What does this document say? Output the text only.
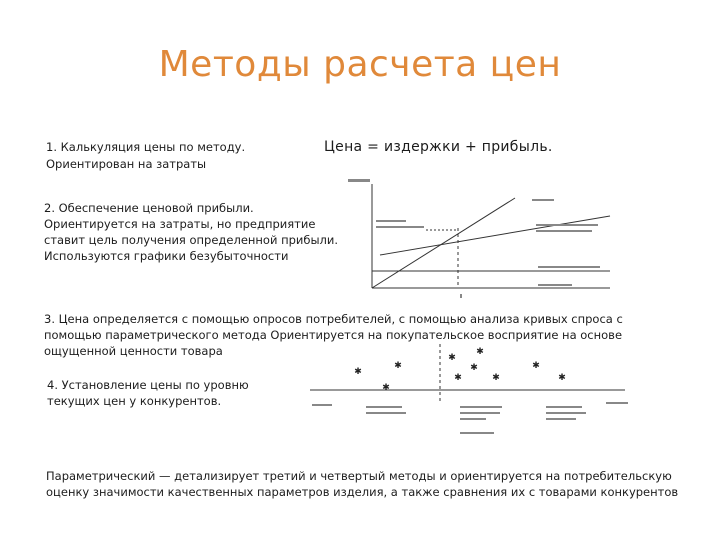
Методы расчета цен
1. Калькуляция цены по методу.
Ориентирован на затраты
Цена = издержки + прибыль.
2. Обеспечение ценовой прибыли.
Ориентируется на затраты, но предприятие
ставит цель получения определенной прибыли.
Используются графики безубыточности
3. Цена определяется с помощью опросов потребителей, с помощью анализа кривых спроса с
помощью параметрического метода Ориентируется на покупательское восприятие на основе
ощущенной ценности товара
✱
✱
✱
✱
✱
✱
✱	✱
✱
✱
4. Установление цены по уровню
текущих цен у конкурентов.
Параметрический — детализирует третий и четвертый методы и ориентируется на потребительскую
оценку значимости качественных параметров изделия, а также сравнения их с товарами конкурентов
